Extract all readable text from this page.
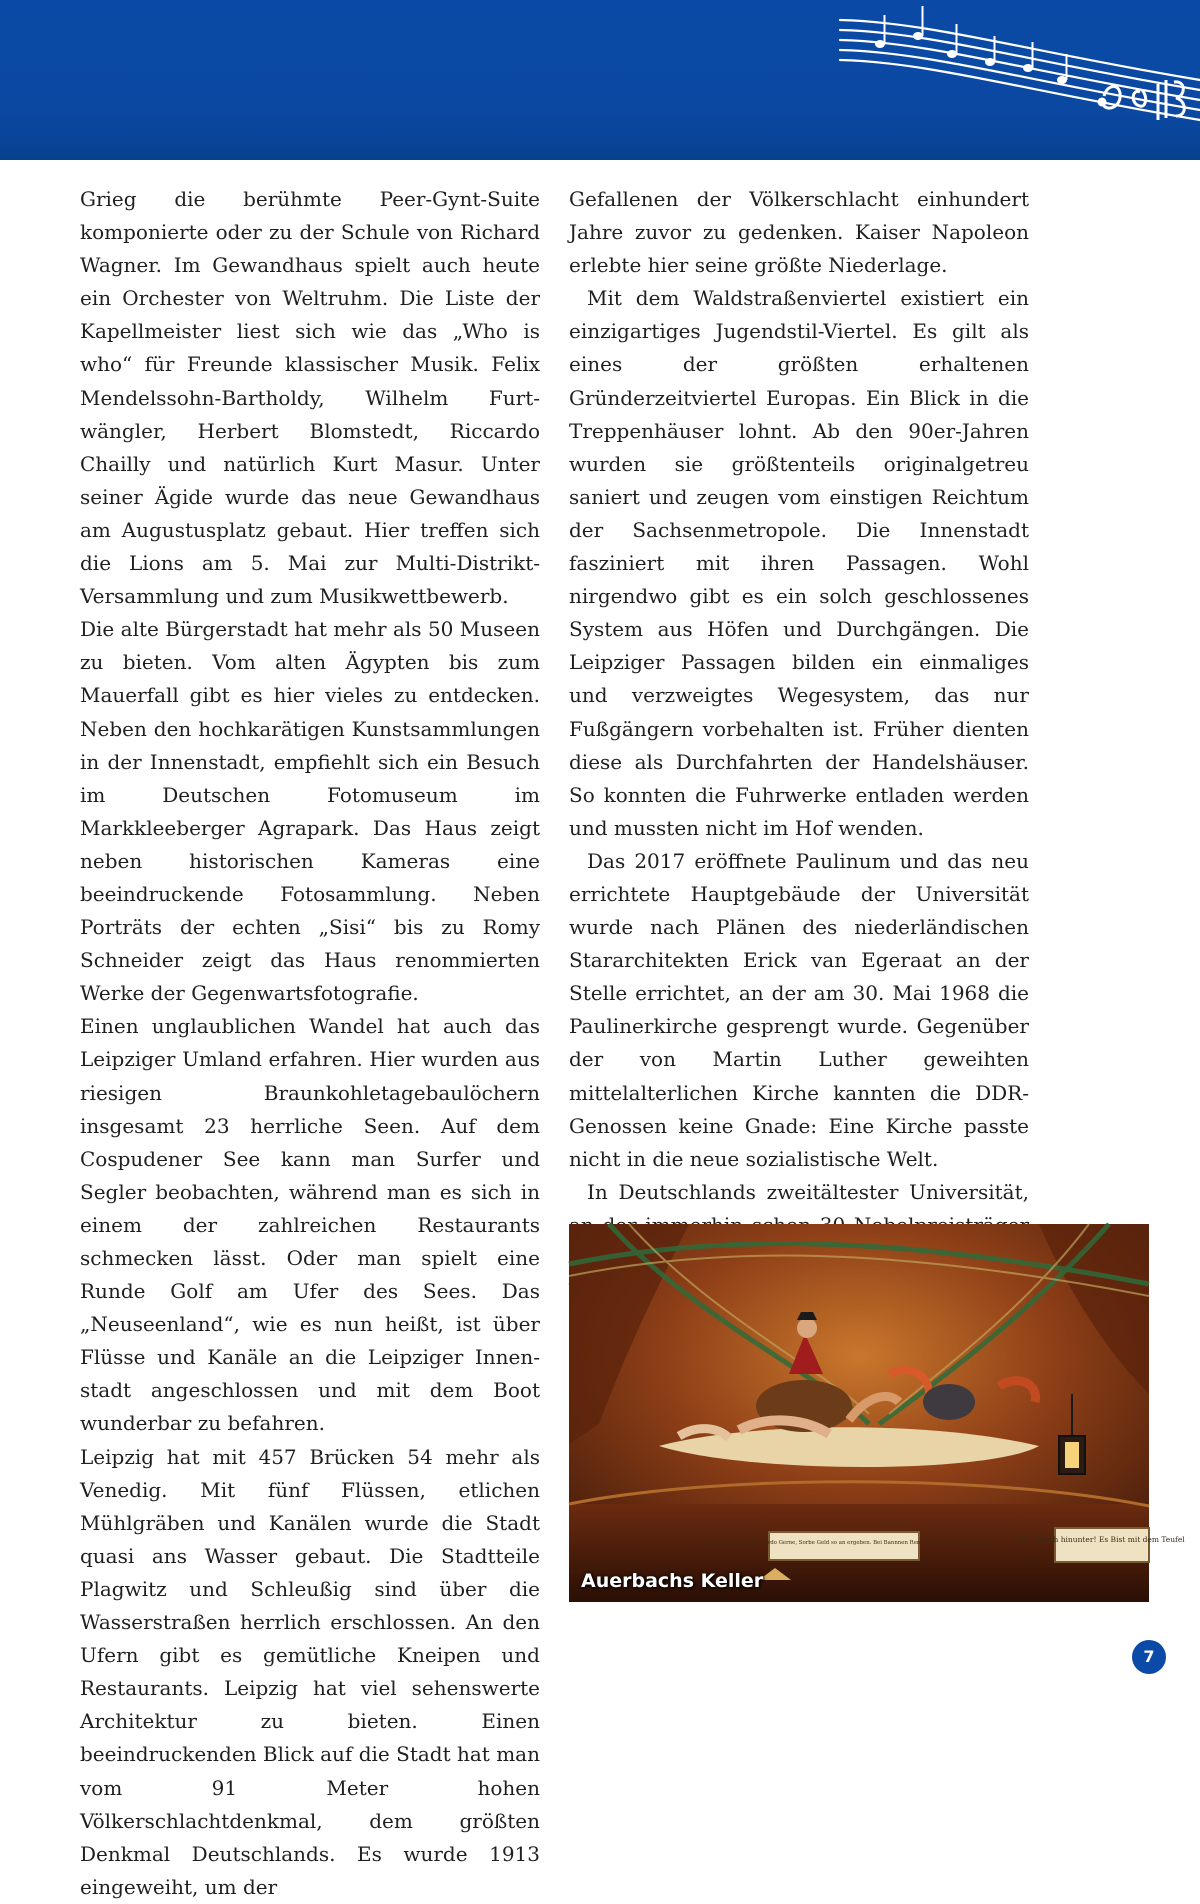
Grieg die berühmte Peer-Gynt-Suite komponierte oder zu der Schule von Richard Wagner. Im Gewandhaus spielt auch heute ein Orchester von Weltruhm. Die Liste der Kapellmeister liest sich wie das „Who is who“ für Freunde klassischer Musik. Felix Mendelssohn-Bartholdy, Wilhelm Furtwängler, Herbert Blomstedt, Riccardo Chailly und natürlich Kurt Masur. Unter seiner Ägide wurde das neue Gewandhaus am Augustusplatz gebaut. Hier treffen sich die Lions am 5. Mai zur Multi-Distrikt-Versammlung und zum Musikwettbewerb.

Die alte Bürgerstadt hat mehr als 50 Museen zu bieten. Vom alten Ägypten bis zum Mauerfall gibt es hier vieles zu entdecken. Neben den hochkarätigen Kunstsammlungen in der Innenstadt, empfiehlt sich ein Besuch im Deutschen Fotomuseum im Markkleeberger Agrapark. Das Haus zeigt neben historischen Kameras eine beeindruckende Fotosammlung. Neben Porträts der echten „Sisi“ bis zu Romy Schneider zeigt das Haus renommierten Werke der Gegenwartsfotografie.

Einen unglaublichen Wandel hat auch das Leipziger Umland erfahren. Hier wurden aus riesigen Braunkohletagebaulöchern insgesamt 23 herrliche Seen. Auf dem Cospudener See kann man Surfer und Segler beobachten, während man es sich in einem der zahlreichen Restaurants schmecken lässt. Oder man spielt eine Runde Golf am Ufer des Sees. Das „Neuseenland“, wie es nun heißt, ist über Flüsse und Kanäle an die Leipziger Innenstadt angeschlossen und mit dem Boot wunderbar zu befahren.

Leipzig hat mit 457 Brücken 54 mehr als Venedig. Mit fünf Flüssen, etlichen Mühlgräben und Kanälen wurde die Stadt quasi ans Wasser gebaut. Die Stadtteile Plagwitz und Schleußig sind über die Wasserstraßen herrlich erschlossen. An den Ufern gibt es gemütliche Kneipen und Restaurants. Leipzig hat viel sehenswerte Architektur zu bieten. Einen beeindruckenden Blick auf die Stadt hat man vom 91 Meter hohen Völkerschlachtdenkmal, dem größten Denkmal Deutschlands. Es wurde 1913 eingeweiht, um der

Gefallenen der Völkerschlacht einhundert Jahre zuvor zu gedenken. Kaiser Napoleon erlebte hier seine größte Niederlage.

Mit dem Waldstraßenviertel existiert ein einzigartiges Jugendstil-Viertel. Es gilt als eines der größten erhaltenen Gründerzeitviertel Europas. Ein Blick in die Treppenhäuser lohnt. Ab den 90er-Jahren wurden sie größtenteils originalgetreu saniert und zeugen vom einstigen Reichtum der Sachsenmetropole. Die Innenstadt fasziniert mit ihren Passagen. Wohl nirgendwo gibt es ein solch geschlossenes System aus Höfen und Durchgängen. Die Leipziger Passagen bilden ein einmaliges und verzweigtes Wegesystem, das nur Fußgängern vorbehalten ist. Früher dienten diese als Durchfahrten der Handelshäuser. So konnten die Fuhrwerke entladen werden und mussten nicht im Hof wenden.

Das 2017 eröffnete Paulinum und das neu errichtete Hauptgebäude der Universität wurde nach Plänen des niederländischen Stararchitekten Erick van Egeraat an der Stelle errichtet, an der am 30. Mai 1968 die Paulinerkirche gesprengt wurde. Gegenüber der von Martin Luther geweihten mittelalterlichen Kirche kannten die DDR-Genossen keine Gnade: Eine Kirche passte nicht in die neue sozialistische Welt.

In Deutschlands zweitältester Universität,

Vom Jenner Wein, Bernardo Gerne, Sorbe Geld so an ergeben. Bei Bannnen Rennen tut die wie ein Sieg.	Nur frisch hinunter! Es Bist mit dem Teufel
Auerbachs Keller
7
